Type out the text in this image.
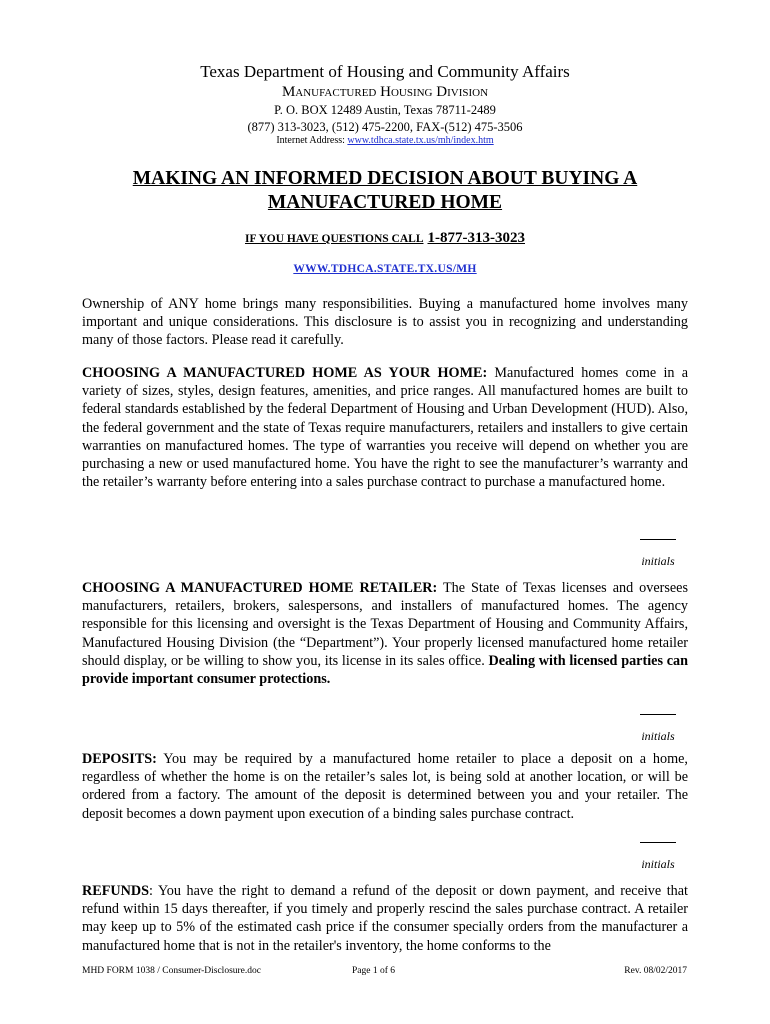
Texas Department of Housing and Community Affairs
Manufactured Housing Division
P. O. BOX 12489 Austin, Texas 78711-2489
(877) 313-3023, (512) 475-2200, FAX-(512) 475-3506
Internet Address: www.tdhca.state.tx.us/mh/index.htm
MAKING AN INFORMED DECISION ABOUT BUYING A MANUFACTURED HOME
IF YOU HAVE QUESTIONS CALL 1-877-313-3023
WWW.TDHCA.STATE.TX.US/MH
Ownership of ANY home brings many responsibilities. Buying a manufactured home involves many important and unique considerations. This disclosure is to assist you in recognizing and understanding many of those factors. Please read it carefully.
CHOOSING A MANUFACTURED HOME AS YOUR HOME: Manufactured homes come in a variety of sizes, styles, design features, amenities, and price ranges. All manufactured homes are built to federal standards established by the federal Department of Housing and Urban Development (HUD). Also, the federal government and the state of Texas require manufacturers, retailers and installers to give certain warranties on manufactured homes. The type of warranties you receive will depend on whether you are purchasing a new or used manufactured home. You have the right to see the manufacturer’s warranty and the retailer’s warranty before entering into a sales purchase contract to purchase a manufactured home.
initials
CHOOSING A MANUFACTURED HOME RETAILER: The State of Texas licenses and oversees manufacturers, retailers, brokers, salespersons, and installers of manufactured homes. The agency responsible for this licensing and oversight is the Texas Department of Housing and Community Affairs, Manufactured Housing Division (the “Department”). Your properly licensed manufactured home retailer should display, or be willing to show you, its license in its sales office. Dealing with licensed parties can provide important consumer protections.
initials
DEPOSITS: You may be required by a manufactured home retailer to place a deposit on a home, regardless of whether the home is on the retailer’s sales lot, is being sold at another location, or will be ordered from a factory. The amount of the deposit is determined between you and your retailer. The deposit becomes a down payment upon execution of a binding sales purchase contract.
initials
REFUNDS: You have the right to demand a refund of the deposit or down payment, and receive that refund within 15 days thereafter, if you timely and properly rescind the sales purchase contract. A retailer may keep up to 5% of the estimated cash price if the consumer specially orders from the manufacturer a manufactured home that is not in the retailer's inventory, the home conforms to the
MHD FORM 1038 / Consumer-Disclosure.doc	Page 1 of 6	Rev. 08/02/2017
